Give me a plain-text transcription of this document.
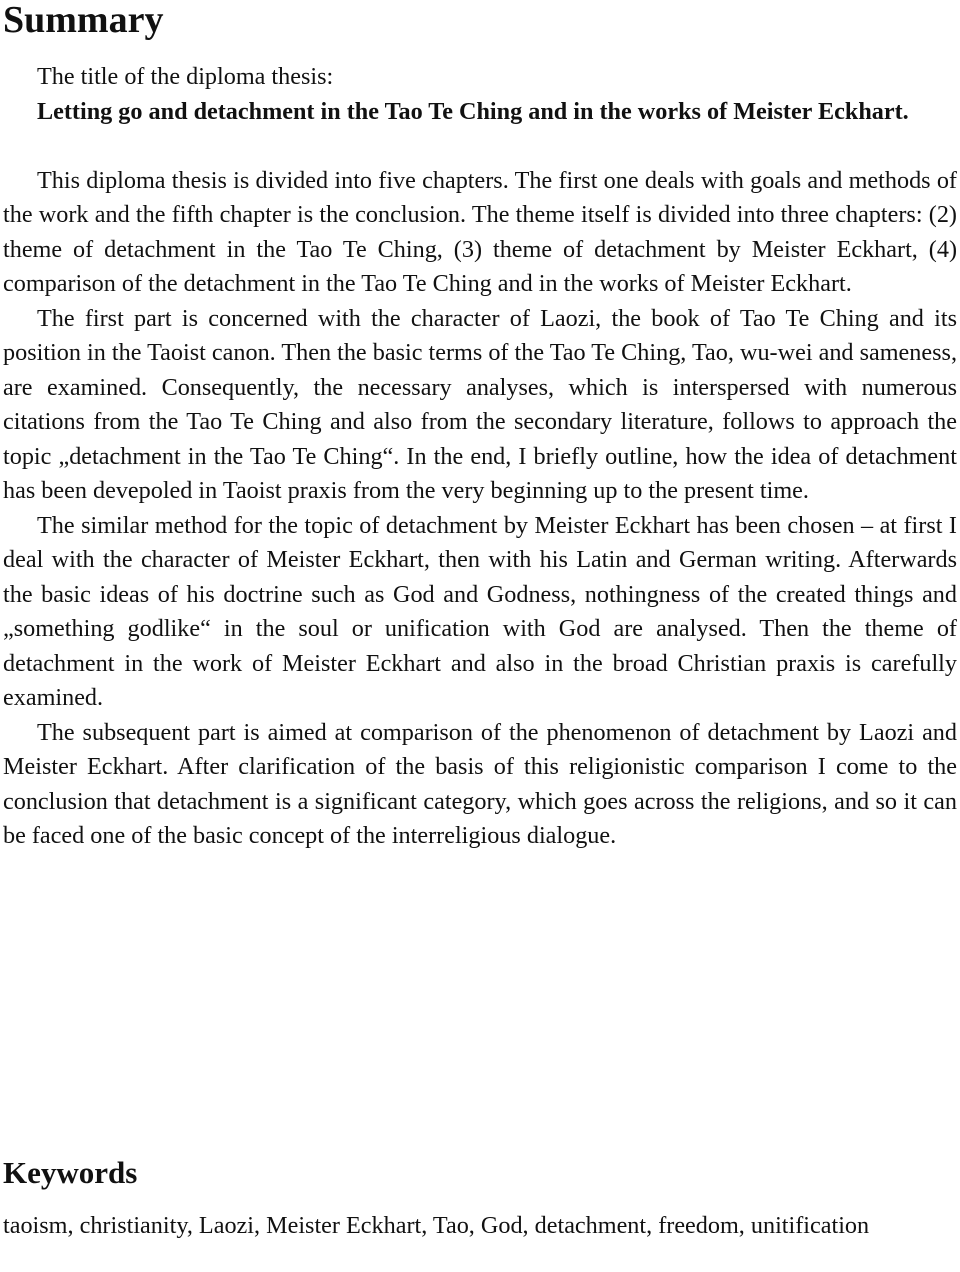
Summary
The title of the diploma thesis:

Letting go and detachment in the Tao Te Ching and in the works of Meister Eckhart.

This diploma thesis is divided into five chapters. The first one deals with goals and methods of the work and the fifth chapter is the conclusion. The theme itself is divided into three chapters: (2) theme of detachment in the Tao Te Ching, (3) theme of detachment by Meister Eckhart, (4) comparison of the detachment in the Tao Te Ching and in the works of Meister Eckhart.

The first part is concerned with the character of Laozi, the book of Tao Te Ching and its position in the Taoist canon. Then the basic terms of the Tao Te Ching, Tao, wu-wei and sameness, are examined. Consequently, the necessary analyses, which is interspersed with numerous citations from the Tao Te Ching and also from the secondary literature, follows to approach the topic „detachment in the Tao Te Ching“. In the end, I briefly outline, how the idea of detachment has been devepoled in Taoist praxis from the very beginning up to the present time.

The similar method for the topic of detachment by Meister Eckhart has been chosen – at first I deal with the character of Meister Eckhart, then with his Latin and German writing. Afterwards the basic ideas of his doctrine such as God and Godness, nothingness of the created things and „something godlike“ in the soul or unification with God are analysed. Then the theme of detachment in the work of Meister Eckhart and also in the broad Christian praxis is carefully examined.

The subsequent part is aimed at comparison of the phenomenon of detachment by Laozi and Meister Eckhart. After clarification of the basis of this religionistic comparison I come to the conclusion that detachment is a significant category, which goes across the religions, and so it can be faced one of the basic concept of the interreligious dialogue.

Keywords

taoism, christianity, Laozi, Meister Eckhart, Tao, God, detachment, freedom, unitification
